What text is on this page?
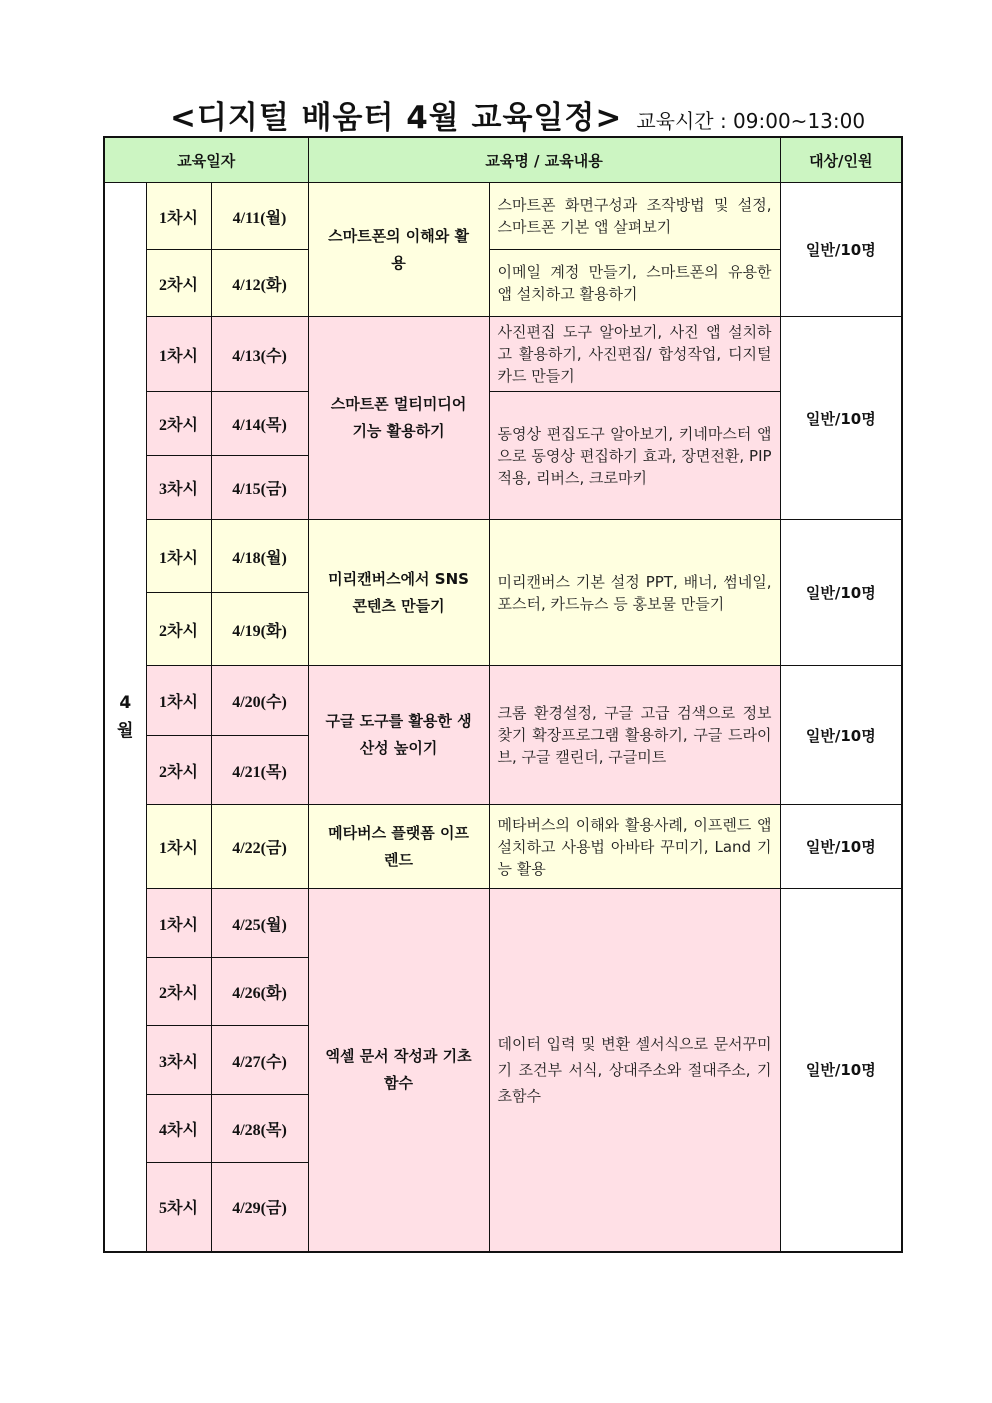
<디지털 배움터 4월 교육일정> 교육시간 : 09:00~13:00
교육일자			교육명 / 교육내용		대상/인원
4
월	1차시	4/11(월)	스마트폰의 이해와 활용	스마트폰 화면구성과 조작방법 및 설정, 스마트폰 기본 앱 살펴보기	일반/10명
	2차시	4/12(화)		이메일 계정 만들기, 스마트폰의 유용한 앱 설치하고 활용하기	
	1차시	4/13(수)	스마트폰 멀티미디어 기능 활용하기	사진편집 도구 알아보기, 사진 앱 설치하고 활용하기, 사진편집/ 합성작업, 디지털 카드 만들기	일반/10명
	2차시	4/14(목)		동영상 편집도구 알아보기, 키네마스터 앱으로 동영상 편집하기 효과, 장면전환, PIP적용, 리버스, 크로마키	
	3차시	4/15(금)			
	1차시	4/18(월)	미리캔버스에서 SNS 콘텐츠 만들기	미리캔버스 기본 설정 PPT, 배너, 썸네일, 포스터, 카드뉴스 등 홍보물 만들기	일반/10명
	2차시	4/19(화)			
	1차시	4/20(수)	구글 도구를 활용한 생산성 높이기	크롬 환경설정, 구글 고급 검색으로 정보찾기 확장프로그램 활용하기, 구글 드라이브, 구글 캘린더, 구글미트	일반/10명
	2차시	4/21(목)			
	1차시	4/22(금)	메타버스 플랫폼 이프렌드	메타버스의 이해와 활용사례, 이프렌드 앱 설치하고 사용법 아바타 꾸미기, Land 기능 활용	일반/10명
	1차시	4/25(월)	엑셀 문서 작성과 기초 함수	데이터 입력 및 변환 셀서식으로 문서꾸미기 조건부 서식, 상대주소와 절대주소, 기초함수	일반/10명
	2차시	4/26(화)			
	3차시	4/27(수)			
	4차시	4/28(목)			
	5차시	4/29(금)			
